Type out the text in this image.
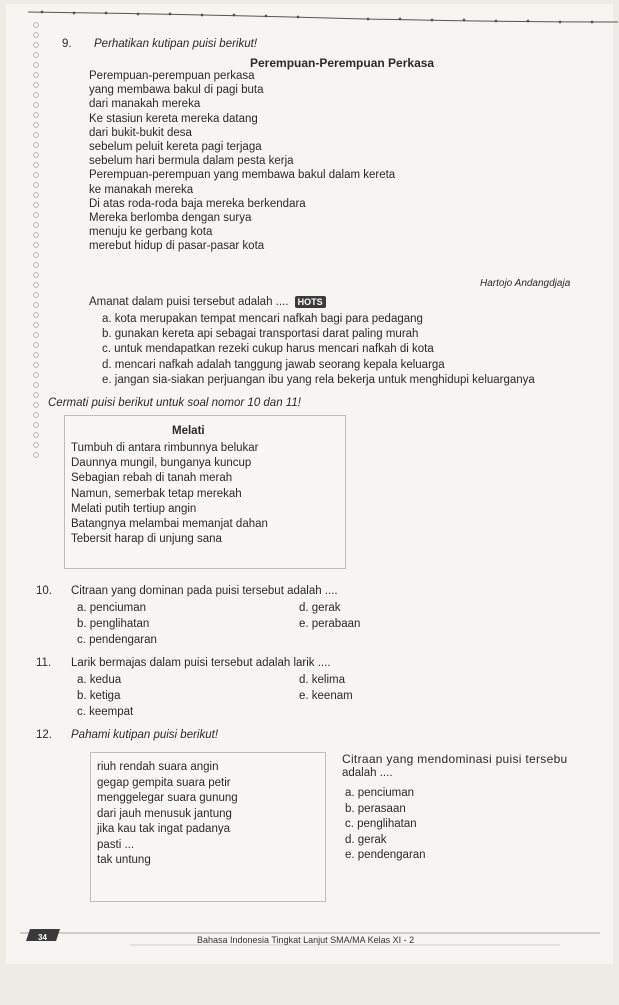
9. Perhatikan kutipan puisi berikut!
Perempuan-Perempuan Perkasa
Perempuan-perempuan perkasa
yang membawa bakul di pagi buta
dari manakah mereka
Ke stasiun kereta mereka datang
dari bukit-bukit desa
sebelum peluit kereta pagi terjaga
sebelum hari bermula dalam pesta kerja
Perempuan-perempuan yang membawa bakul dalam kereta
ke manakah mereka
Di atas roda-roda baja mereka berkendara
Mereka berlomba dengan surya
menuju ke gerbang kota
merebut hidup di pasar-pasar kota
Hartojo Andangdjaja
Amanat dalam puisi tersebut adalah .... HOTS
a. kota merupakan tempat mencari nafkah bagi para pedagang
b. gunakan kereta api sebagai transportasi darat paling murah
c. untuk mendapatkan rezeki cukup harus mencari nafkah di kota
d. mencari nafkah adalah tanggung jawab seorang kepala keluarga
e. jangan sia-siakan perjuangan ibu yang rela bekerja untuk menghidupi keluarganya
Cermati puisi berikut untuk soal nomor 10 dan 11!
Melati
Tumbuh di antara rimbunnya belukar
Daunnya mungil, bunganya kuncup
Sebagian rebah di tanah merah
Namun, semerbak tetap merekah
Melati putih tertiup angin
Batangnya melambai memanjat dahan
Tebersit harap di unjung sana
10. Citraan yang dominan pada puisi tersebut adalah ....
a. penciuman
b. penglihatan
c. pendengaran
d. gerak
e. perabaan
11. Larik bermajas dalam puisi tersebut adalah larik ....
a. kedua
b. ketiga
c. keempat
d. kelima
e. keenam
12. Pahami kutipan puisi berikut!
riuh rendah suara angin
gegap gempita suara petir
menggelegar suara gunung
dari jauh menusuk jantung
jika kau tak ingat padanya
pasti ...
tak untung
Citraan yang mendominasi puisi tersebu
adalah ....
a. penciuman
b. perasaan
c. penglihatan
d. gerak
e. pendengaran
34	Bahasa Indonesia Tingkat Lanjut SMA/MA Kelas XI - 2
